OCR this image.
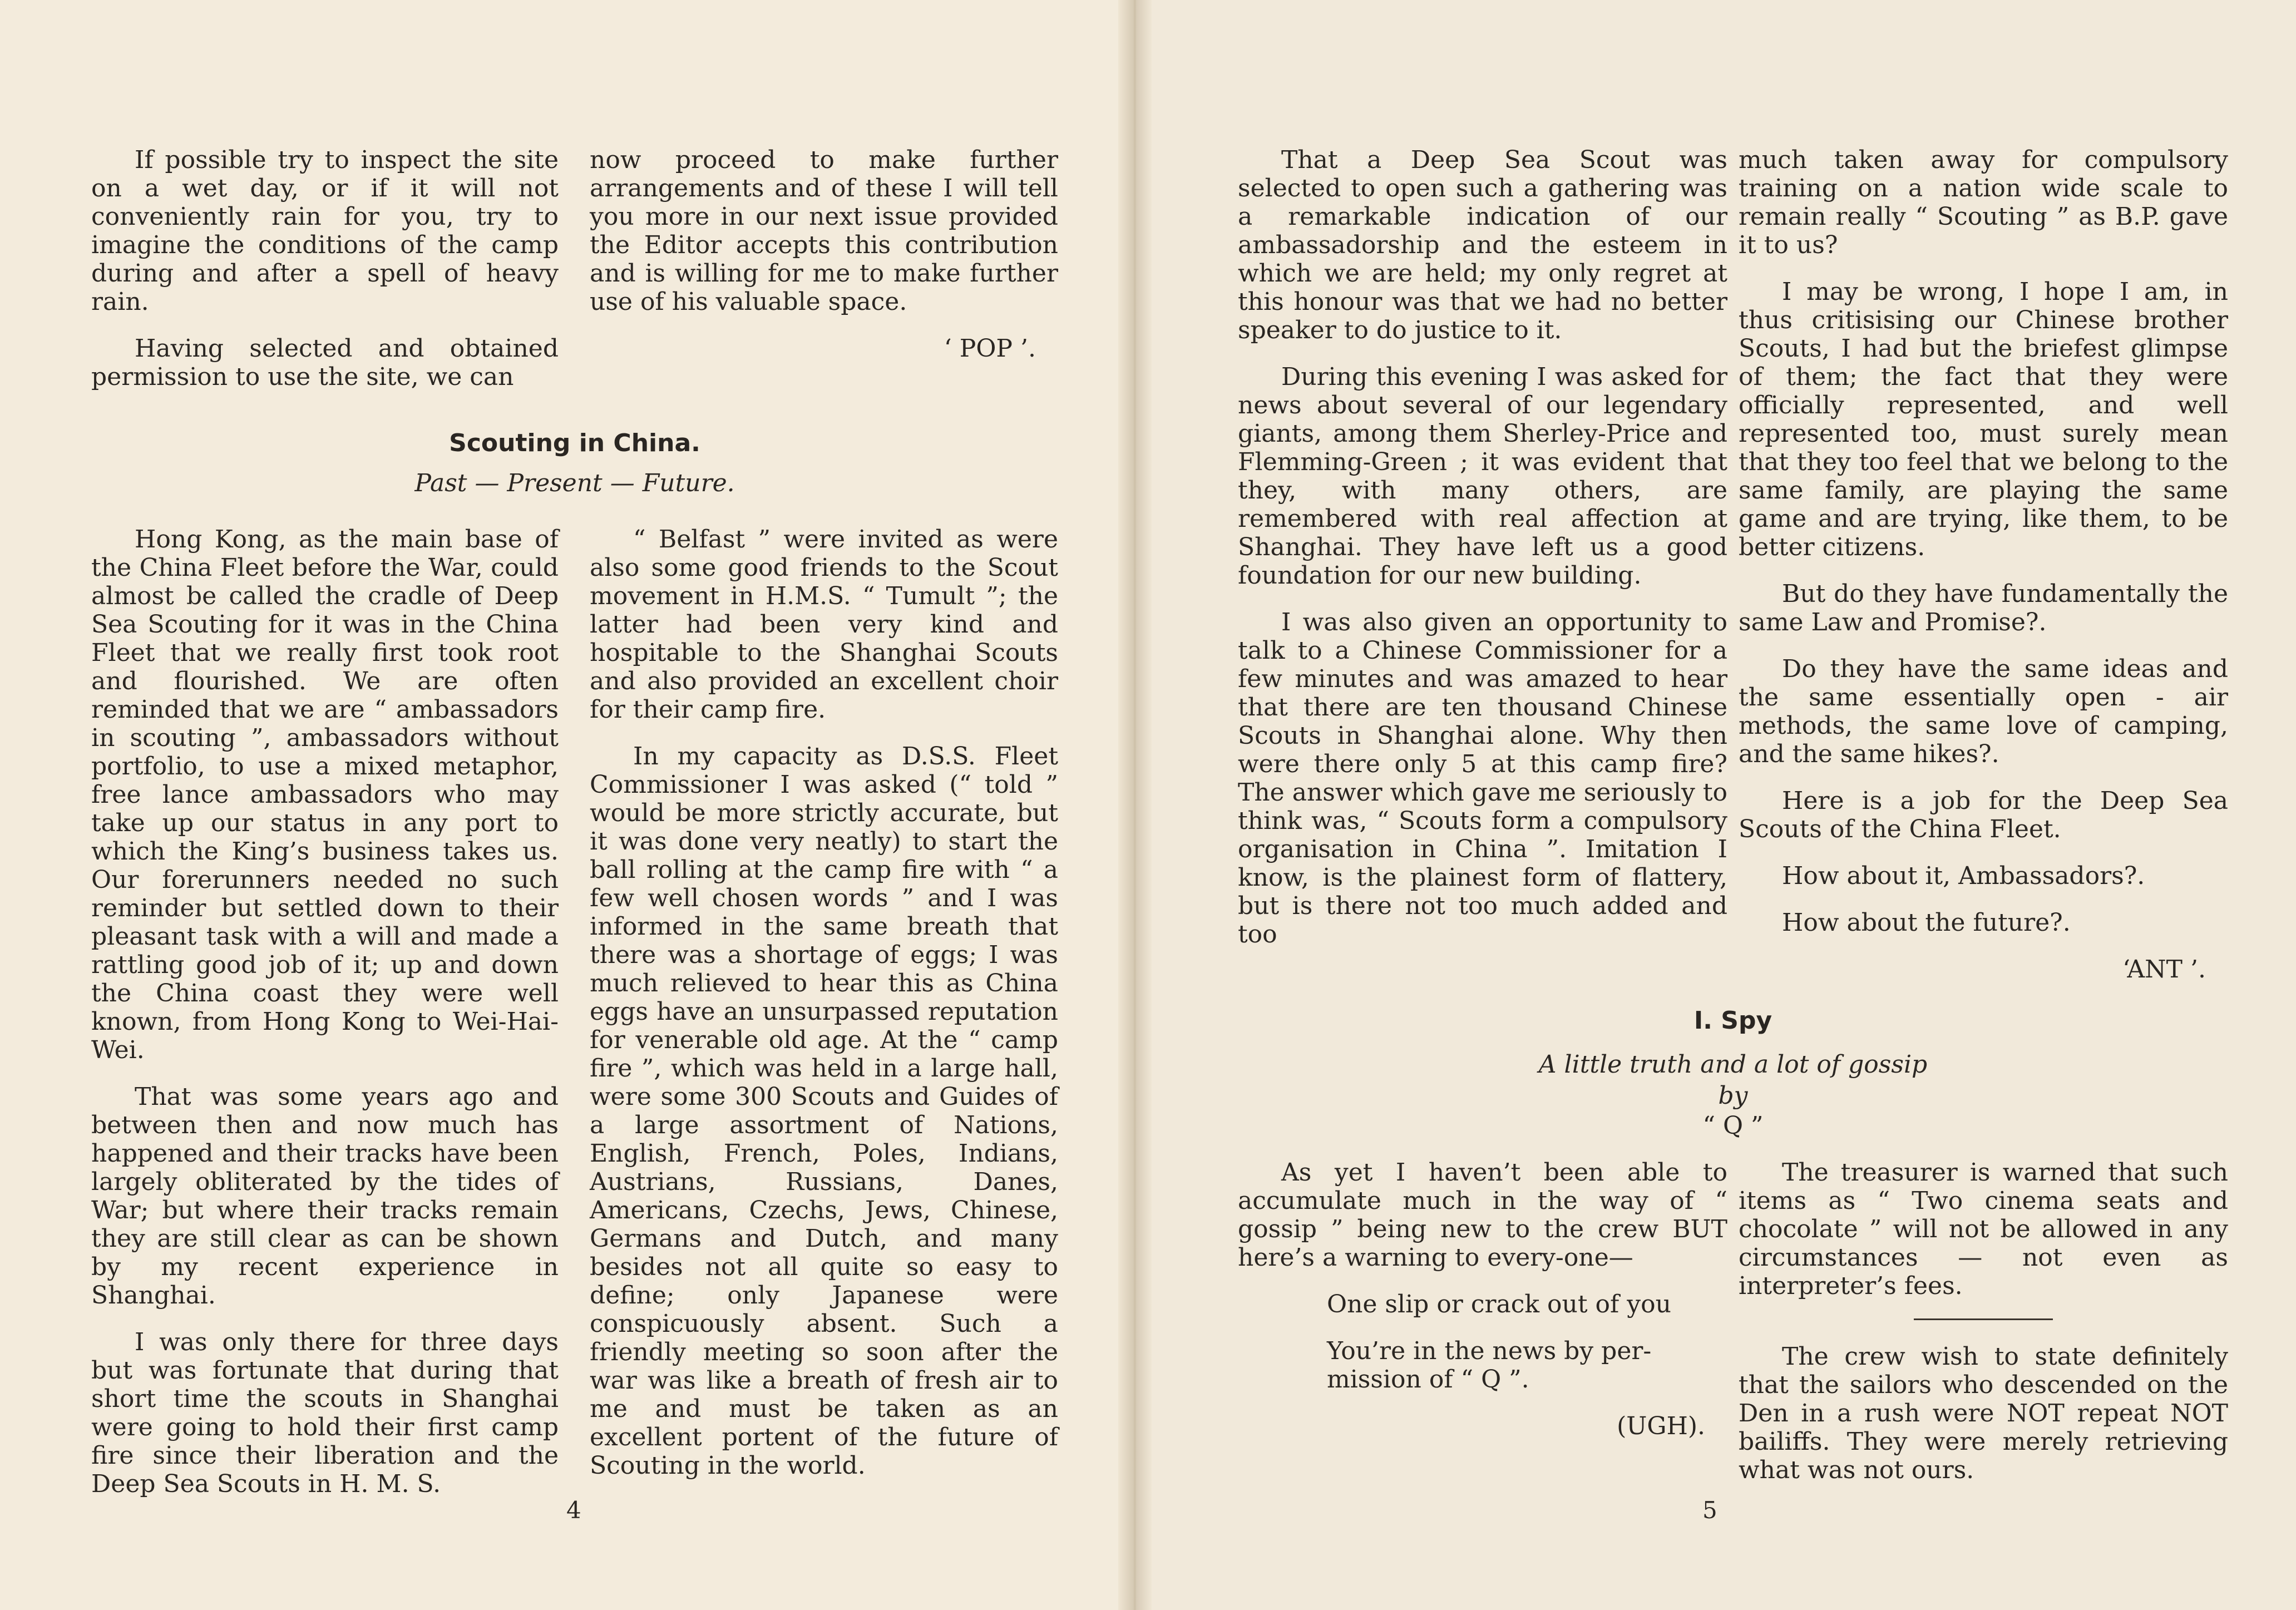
If possible try to inspect the site on a wet day, or if it will not conveniently rain for you, try to imagine the conditions of the camp during and after a spell of heavy rain.

Having selected and obtained permission to use the site, we can

now proceed to make further arrangements and of these I will tell you more in our next issue provided the Editor accepts this contribution and is willing for me to make further use of his valuable space.

‘ POP ’.

Scouting in China.
Past — Present — Future.

Hong Kong, as the main base of the China Fleet before the War, could almost be called the cradle of Deep Sea Scouting for it was in the China Fleet that we really first took root and flourished. We are often reminded that we are “ ambassadors in scouting ”, ambassadors without portfolio, to use a mixed metaphor, free lance ambassadors who may take up our status in any port to which the King’s business takes us. Our forerunners needed no such reminder but settled down to their pleasant task with a will and made a rattling good job of it; up and down the China coast they were well known, from Hong Kong to Wei-Hai-Wei.

That was some years ago and between then and now much has happened and their tracks have been largely obliterated by the tides of War; but where their tracks remain they are still clear as can be shown by my recent experience in Shanghai.

I was only there for three days but was fortunate that during that short time the scouts in Shanghai were going to hold their first camp fire since their liberation and the Deep Sea Scouts in H. M. S.

“ Belfast ” were invited as were also some good friends to the Scout movement in H.M.S. “ Tumult ”; the latter had been very kind and hospitable to the Shanghai Scouts and also provided an excellent choir for their camp fire.

In my capacity as D.S.S. Fleet Commissioner I was asked (“ told ” would be more strictly accurate, but it was done very neatly) to start the ball rolling at the camp fire with “ a few well chosen words ” and I was informed in the same breath that there was a shortage of eggs; I was much relieved to hear this as China eggs have an unsurpassed reputation for venerable old age. At the “ camp fire ”, which was held in a large hall, were some 300 Scouts and Guides of a large assortment of Nations, English, French, Poles, Indians, Austrians, Russians, Danes, Americans, Czechs, Jews, Chinese, Germans and Dutch, and many besides not all quite so easy to define; only Japanese were conspicuously absent. Such a friendly meeting so soon after the war was like a breath of fresh air to me and must be taken as an excellent portent of the future of Scouting in the world.

4

That a Deep Sea Scout was selected to open such a gathering was a remarkable indication of our ambassadorship and the esteem in which we are held; my only regret at this honour was that we had no better speaker to do justice to it.

During this evening I was asked for news about several of our legendary giants, among them Sherley-Price and Flemming-Green ; it was evident that they, with many others, are remembered with real affection at Shanghai. They have left us a good foundation for our new building.

I was also given an opportunity to talk to a Chinese Commissioner for a few minutes and was amazed to hear that there are ten thousand Chinese Scouts in Shanghai alone. Why then were there only 5 at this camp fire? The answer which gave me seriously to think was, “ Scouts form a compulsory organisation in China ”. Imitation I know, is the plainest form of flattery, but is there not too much added and too

much taken away for compulsory training on a nation wide scale to remain really “ Scouting ” as B.P. gave it to us?

I may be wrong, I hope I am, in thus critisising our Chinese brother Scouts, I had but the briefest glimpse of them; the fact that they were officially represented, and well represented too, must surely mean that they too feel that we belong to the same family, are playing the same game and are trying, like them, to be better citizens.

But do they have fundamentally the same Law and Promise?.

Do they have the same ideas and the same essentially open - air methods, the same love of camping, and the same hikes?.

Here is a job for the Deep Sea Scouts of the China Fleet.

How about it, Ambassadors?.

How about the future?.

‘ANT ’.

I. Spy
A little truth and a lot of gossip
by
“ Q ”

As yet I haven’t been able to accumulate much in the way of “ gossip ” being new to the crew BUT here’s a warning to every-one—

One slip or crack out of you

You’re in the news by per-mission of “ Q ”.

(UGH).

The treasurer is warned that such items as “ Two cinema seats and chocolate ” will not be allowed in any circumstances — not even as interpreter’s fees.

The crew wish to state definitely that the sailors who descended on the Den in a rush were NOT repeat NOT bailiffs. They were merely retrieving what was not ours.

5
